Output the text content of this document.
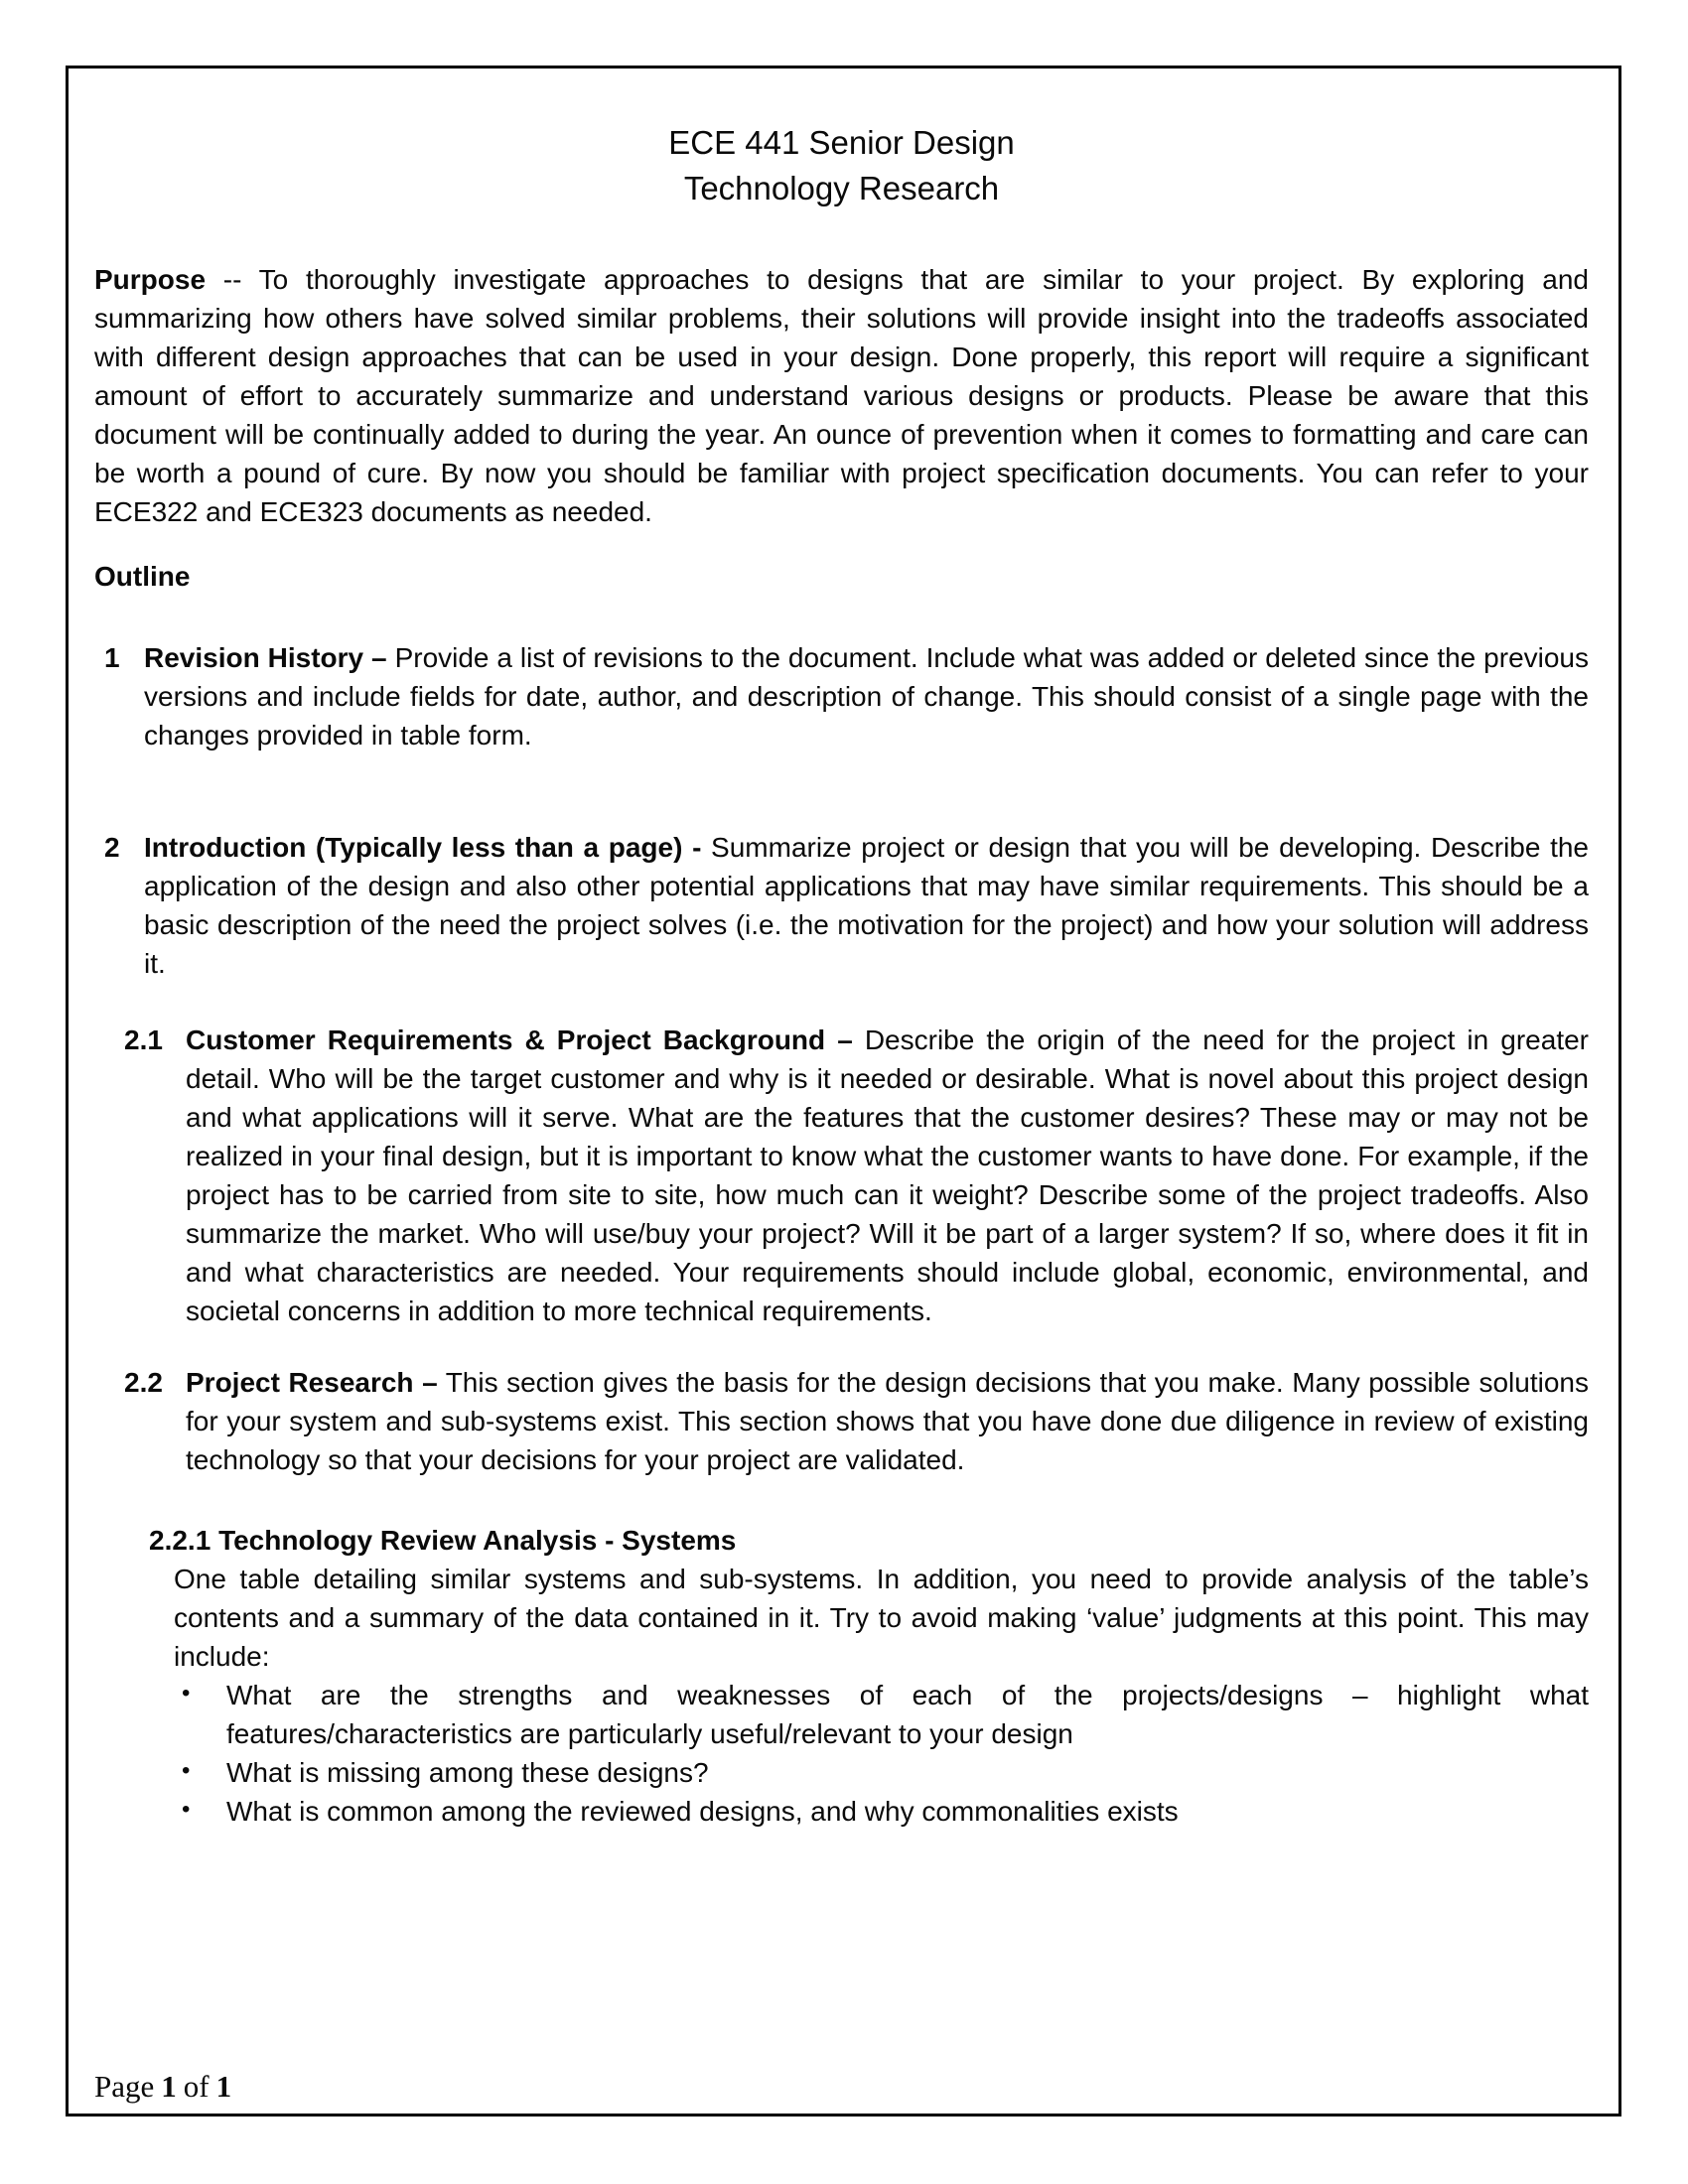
ECE 441 Senior Design
Technology Research

Purpose -- To thoroughly investigate approaches to designs that are similar to your project. By exploring and summarizing how others have solved similar problems, their solutions will provide insight into the tradeoffs associated with different design approaches that can be used in your design. Done properly, this report will require a significant amount of effort to accurately summarize and understand various designs or products. Please be aware that this document will be continually added to during the year. An ounce of prevention when it comes to formatting and care can be worth a pound of cure. By now you should be familiar with project specification documents. You can refer to your ECE322 and ECE323 documents as needed.

Outline

1 Revision History – Provide a list of revisions to the document. Include what was added or deleted since the previous versions and include fields for date, author, and description of change. This should consist of a single page with the changes provided in table form.

2 Introduction (Typically less than a page) - Summarize project or design that you will be developing. Describe the application of the design and also other potential applications that may have similar requirements. This should be a basic description of the need the project solves (i.e. the motivation for the project) and how your solution will address it.

2.1 Customer Requirements & Project Background – Describe the origin of the need for the project in greater detail. Who will be the target customer and why is it needed or desirable. What is novel about this project design and what applications will it serve. What are the features that the customer desires? These may or may not be realized in your final design, but it is important to know what the customer wants to have done. For example, if the project has to be carried from site to site, how much can it weight? Describe some of the project tradeoffs. Also summarize the market. Who will use/buy your project? Will it be part of a larger system? If so, where does it fit in and what characteristics are needed. Your requirements should include global, economic, environmental, and societal concerns in addition to more technical requirements.

2.2 Project Research – This section gives the basis for the design decisions that you make. Many possible solutions for your system and sub-systems exist. This section shows that you have done due diligence in review of existing technology so that your decisions for your project are validated.

2.2.1 Technology Review Analysis - Systems

One table detailing similar systems and sub-systems. In addition, you need to provide analysis of the table’s contents and a summary of the data contained in it. Try to avoid making ‘value’ judgments at this point. This may include:

• What are the strengths and weaknesses of each of the projects/designs – highlight what features/characteristics are particularly useful/relevant to your design
• What is missing among these designs?
• What is common among the reviewed designs, and why commonalities exists
Page 1 of 1
